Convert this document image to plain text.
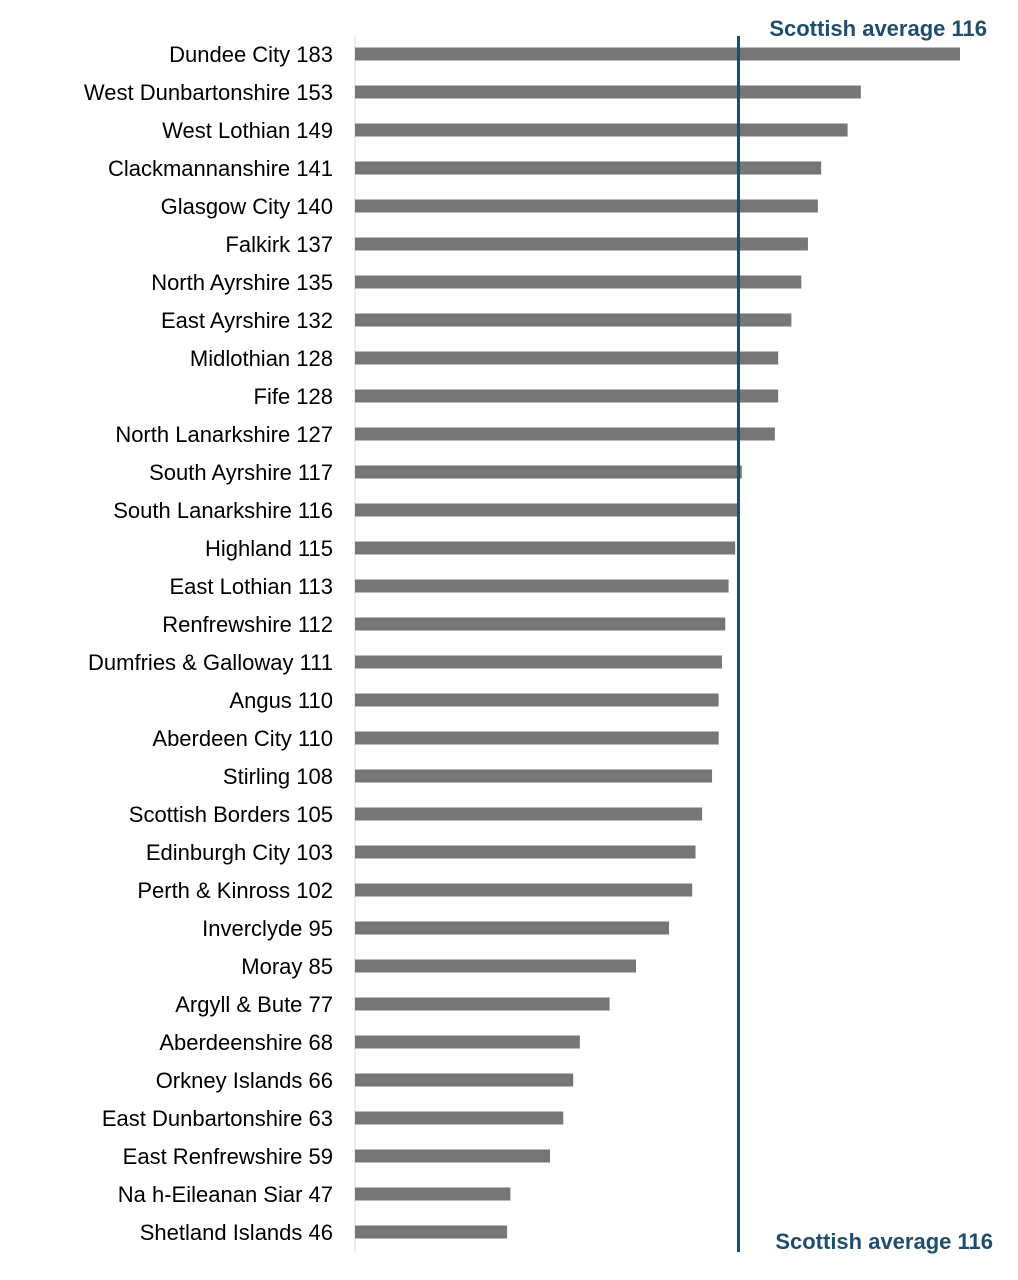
Dundee City 183
West Dunbartonshire 153
West Lothian 149
Clackmannanshire 141
Glasgow City 140
Falkirk 137
North Ayrshire 135
East Ayrshire 132
Midlothian 128
Fife 128
North Lanarkshire 127
South Ayrshire 117
South Lanarkshire 116
Highland 115
East Lothian 113
Renfrewshire 112
Dumfries & Galloway 111
Angus 110
Aberdeen City 110
Stirling 108
Scottish Borders 105
Edinburgh City 103
Perth & Kinross 102
Inverclyde 95
Moray 85
Argyll & Bute 77
Aberdeenshire 68
Orkney Islands 66
East Dunbartonshire 63
East Renfrewshire 59
Na h-Eileanan Siar 47
Shetland Islands 46
Scottish average 116
Scottish average 116
